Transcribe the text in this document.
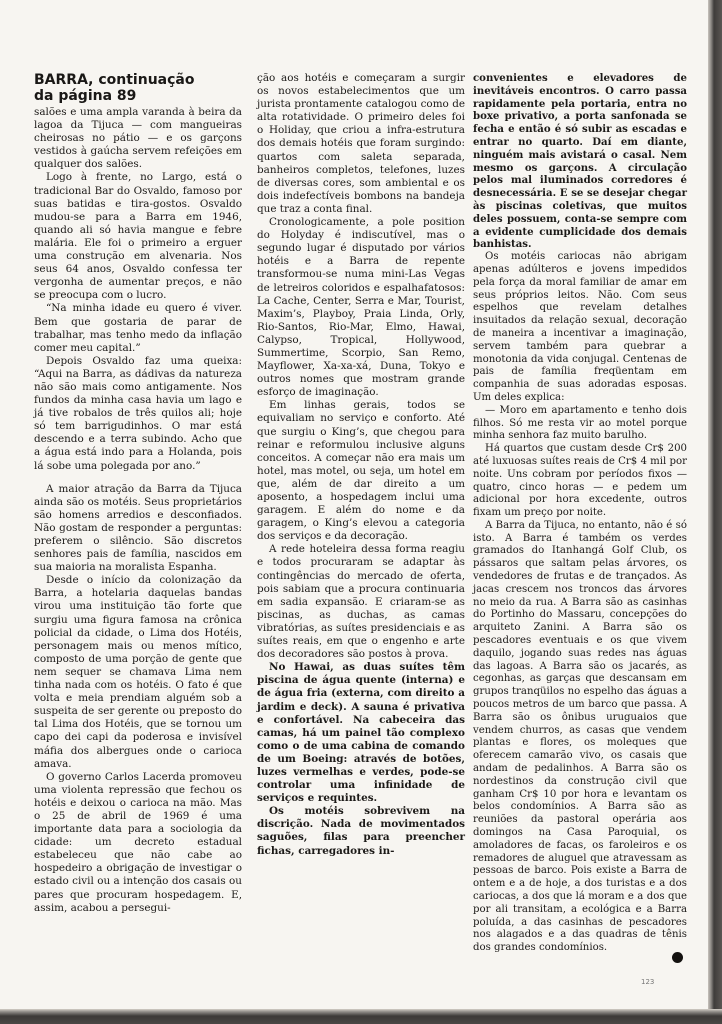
BARRA, continuação
da página 89

salões e uma ampla varanda à beira da lagoa da Tijuca — com mangueiras cheirosas no pátio — e os garçons vestidos à gaúcha servem refeições em qualquer dos salões.

Logo à frente, no Largo, está o tradicional Bar do Osvaldo, famoso por suas batidas e tira-gostos. Osvaldo mudou-se para a Barra em 1946, quando ali só havia mangue e febre malária. Ele foi o primeiro a erguer uma construção em alvenaria. Nos seus 64 anos, Osvaldo confessa ter vergonha de aumentar preços, e não se preocupa com o lucro.

“Na minha idade eu quero é viver. Bem que gostaria de parar de trabalhar, mas tenho medo da inflação comer meu capital.”

Depois Osvaldo faz uma queixa: “Aqui na Barra, as dádivas da natureza não são mais como antigamente. Nos fundos da minha casa havia um lago e já tive robalos de três quilos ali; hoje só tem barrigudinhos. O mar está descendo e a terra subindo. Acho que a água está indo para a Holanda, pois lá sobe uma polegada por ano.”

A maior atração da Barra da Tijuca ainda são os motéis. Seus proprietários são homens arredios e desconfiados. Não gostam de responder a perguntas: preferem o silêncio. São discretos senhores pais de família, nascidos em sua maioria na moralista Espanha.

Desde o início da colonização da Barra, a hotelaria daquelas bandas virou uma instituição tão forte que surgiu uma figura famosa na crônica policial da cidade, o Lima dos Hotéis, personagem mais ou menos mítico, composto de uma porção de gente que nem sequer se chamava Lima nem tinha nada com os hotéis. O fato é que volta e meia prendiam alguém sob a suspeita de ser gerente ou preposto do tal Lima dos Hotéis, que se tornou um capo dei capi da poderosa e invisível máfia dos albergues onde o carioca amava.

O governo Carlos Lacerda promoveu uma violenta repressão que fechou os hotéis e deixou o carioca na mão. Mas o 25 de abril de 1969 é uma importante data para a sociologia da cidade: um decreto estadual estabeleceu que não cabe ao hospedeiro a obrigação de investigar o estado civil ou a intenção dos casais ou pares que procuram hospedagem. E, assim, acabou a persegui-

ção aos hotéis e começaram a surgir os novos estabelecimentos que um jurista prontamente catalogou como de alta rotatividade. O primeiro deles foi o Holiday, que criou a infra-estrutura dos demais hotéis que foram surgindo: quartos com saleta separada, banheiros completos, telefones, luzes de diversas cores, som ambiental e os dois indefectíveis bombons na bandeja que traz a conta final.

Cronologicamente, a pole position do Holyday é indiscutível, mas o segundo lugar é disputado por vários hotéis e a Barra de repente transformou-se numa mini-Las Vegas de letreiros coloridos e espalhafatosos: La Cache, Center, Serra e Mar, Tourist, Maxim’s, Playboy, Praia Linda, Orly, Rio-Santos, Rio-Mar, Elmo, Hawai, Calypso, Tropical, Hollywood, Summertime, Scorpio, San Remo, Mayflower, Xa-xa-xá, Duna, Tokyo e outros nomes que mostram grande esforço de imaginação.

Em linhas gerais, todos se equivaliam no serviço e conforto. Até que surgiu o King’s, que chegou para reinar e reformulou inclusive alguns conceitos. A começar não era mais um hotel, mas motel, ou seja, um hotel em que, além de dar direito a um aposento, a hospedagem inclui uma garagem. E além do nome e da garagem, o King’s elevou a categoria dos serviços e da decoração.

A rede hoteleira dessa forma reagiu e todos procuraram se adaptar às contingências do mercado de oferta, pois sabiam que a procura continuaria em sadia expansão. E criaram-se as piscinas, as duchas, as camas vibratórias, as suítes presidenciais e as suítes reais, em que o engenho e arte dos decoradores são postos à prova.

No Hawai, as duas suítes têm piscina de água quente (interna) e de água fria (externa, com direito a jardim e deck). A sauna é privativa e confortável. Na cabeceira das camas, há um painel tão complexo como o de uma cabina de comando de um Boeing: através de botões, luzes vermelhas e verdes, pode-se controlar uma infinidade de serviços e requintes.

Os motéis sobrevivem na discrição. Nada de movimentados saguões, filas para preencher fichas, carregadores in-

convenientes e elevadores de inevitáveis encontros. O carro passa rapidamente pela portaria, entra no boxe privativo, a porta sanfonada se fecha e então é só subir as escadas e entrar no quarto. Daí em diante, ninguém mais avistará o casal. Nem mesmo os garçons. A circulação pelos mal iluminados corredores é desnecessária. E se se desejar chegar às piscinas coletivas, que muitos deles possuem, conta-se sempre com a evidente cumplicidade dos demais banhistas.

Os motéis cariocas não abrigam apenas adúlteros e jovens impedidos pela força da moral familiar de amar em seus próprios leitos. Não. Com seus espelhos que revelam detalhes insuitados da relação sexual, decoração de maneira a incentivar a imaginação, servem também para quebrar a monotonia da vida conjugal. Centenas de pais de família freqüentam em companhia de suas adoradas esposas. Um deles explica:

— Moro em apartamento e tenho dois filhos. Só me resta vir ao motel porque minha senhora faz muito barulho.

Há quartos que custam desde Cr$ 200 até luxuosas suítes reais de Cr$ 4 mil por noite. Uns cobram por períodos fixos — quatro, cinco horas — e pedem um adicional por hora excedente, outros fixam um preço por noite.

A Barra da Tijuca, no entanto, não é só isto. A Barra é também os verdes gramados do Itanhangá Golf Club, os pássaros que saltam pelas árvores, os vendedores de frutas e de trançados. As jacas crescem nos troncos das árvores no meio da rua. A Barra são as casinhas do Portinho do Massaru, concepções do arquiteto Zanini. A Barra são os pescadores eventuais e os que vivem daquilo, jogando suas redes nas águas das lagoas. A Barra são os jacarés, as cegonhas, as garças que descansam em grupos tranqüilos no espelho das águas a poucos metros de um barco que passa. A Barra são os ônibus uruguaios que vendem churros, as casas que vendem plantas e flores, os moleques que oferecem camarão vivo, os casais que andam de pedalinhos. A Barra são os nordestinos da construção civil que ganham Cr$ 10 por hora e levantam os belos condomínios. A Barra são as reuniões da pastoral operária aos domingos na Casa Paroquial, os amoladores de facas, os faroleiros e os remadores de aluguel que atravessam as pessoas de barco. Pois existe a Barra de ontem e a de hoje, a dos turistas e a dos cariocas, a dos que lá moram e a dos que por ali transitam, a ecológica e a Barra poluída, a das casinhas de pescadores nos alagados e a das quadras de tênis dos grandes condomínios.

123
